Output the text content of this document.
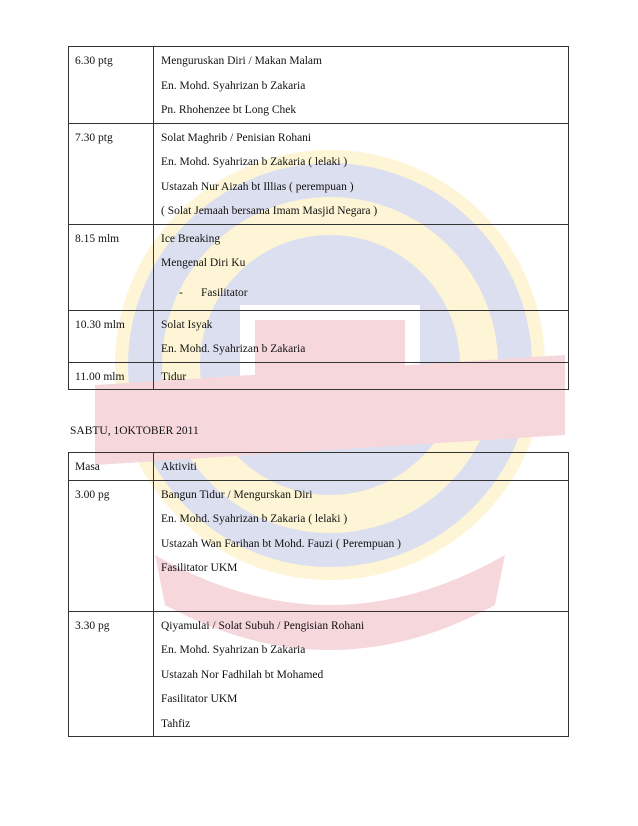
6.30 ptg	Menguruskan Diri / Makan Malam
En. Mohd. Syahrizan b Zakaria
Pn. Rhohenzee bt Long Chek

7.30 ptg	Solat Maghrib / Penisian Rohani
En. Mohd. Syahrizan b Zakaria ( lelaki )
Ustazah Nur Aizah bt Illias ( perempuan )
( Solat Jemaah bersama Imam Masjid Negara )

8.15 mlm	Ice Breaking
Mengenal Diri Ku
- Fasilitator

10.30 mlm	Solat Isyak
En. Mohd. Syahrizan b Zakaria

11.00 mlm	Tidur
SABTU, 1OKTOBER 2011
Masa	Aktiviti

3.00 pg	Bangun Tidur / Mengurskan Diri
En. Mohd. Syahrizan b Zakaria ( lelaki )
Ustazah Wan Farihan bt Mohd. Fauzi ( Perempuan )
Fasilitator UKM

3.30 pg	Qiyamulai / Solat Subuh / Pengisian Rohani
En. Mohd. Syahrizan b Zakaria
Ustazah Nor Fadhilah bt Mohamed
Fasilitator UKM
Tahfiz
